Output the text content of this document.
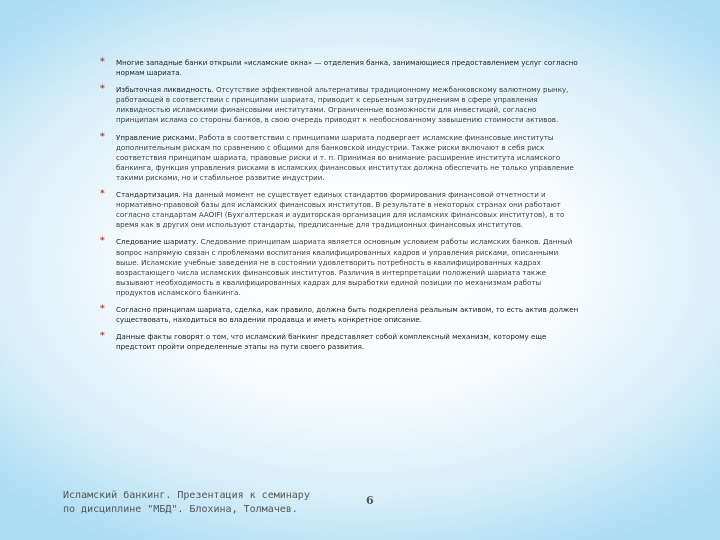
* Многие западные банки открыли «исламские окна» — отделения банка, занимающиеся предоставлением услуг согласно нормам шариата.
* Избыточная ликвидность. Отсутствие эффективной альтернативы традиционному межбанковскому валютному рынку, работающей в соответствии с принципами шариата, приводит к серьезным затруднениям в сфере управления ликвидностью исламскими финансовыми институтами. Ограниченные возможности для инвестиций, согласно принципам ислама со стороны банков, в свою очередь приводят к необоснованному завышению стоимости активов.
* Управление рисками. Работа в соответствии с принципами шариата подвергает исламские финансовые институты дополнительным рискам по сравнению с общими для банковской индустрии. Также риски включают в себя риск соответствия принципам шариата, правовые риски и т. п. Принимая во внимание расширение института исламского банкинга, функция управления рисками в исламских финансовых институтах должна обеспечить не только управление такими рисками, но и стабильное развитие индустрии.
* Стандартизация. На данный момент не существует единых стандартов формирования финансовой отчетности и нормативно-правовой базы для исламских финансовых институтов. В результате в некоторых странах они работают согласно стандартам AAOIFI (Бухгалтерская и аудиторская организация для исламских финансовых институтов), в то время как в других они используют стандарты, предписанные для традиционных финансовых институтов.
* Следование шариату. Следование принципам шариата является основным условием работы исламских банков. Данный вопрос напрямую связан с проблемами воспитания квалифицированных кадров и управления рисками, описанными выше. Исламские учебные заведения не в состоянии удовлетворить потребность в квалифицированных кадрах возрастающего числа исламских финансовых институтов. Различия в интерпретации положений шариата также вызывают необходимость в квалифицированных кадрах для выработки единой позиции по механизмам работы продуктов исламского банкинга.
* Согласно принципам шариата, сделка, как правило, должна быть подкреплена реальным активом, то есть актив должен существовать, находиться во владении продавца и иметь конкретное описание.
* Данные факты говорят о том, что исламский банкинг представляет собой комплексный механизм, которому еще предстоит пройти определенные этапы на пути своего развития.
Исламский банкинг. Презентация к семинару по дисциплине "МБД". Блохина, Толмачев.
6
